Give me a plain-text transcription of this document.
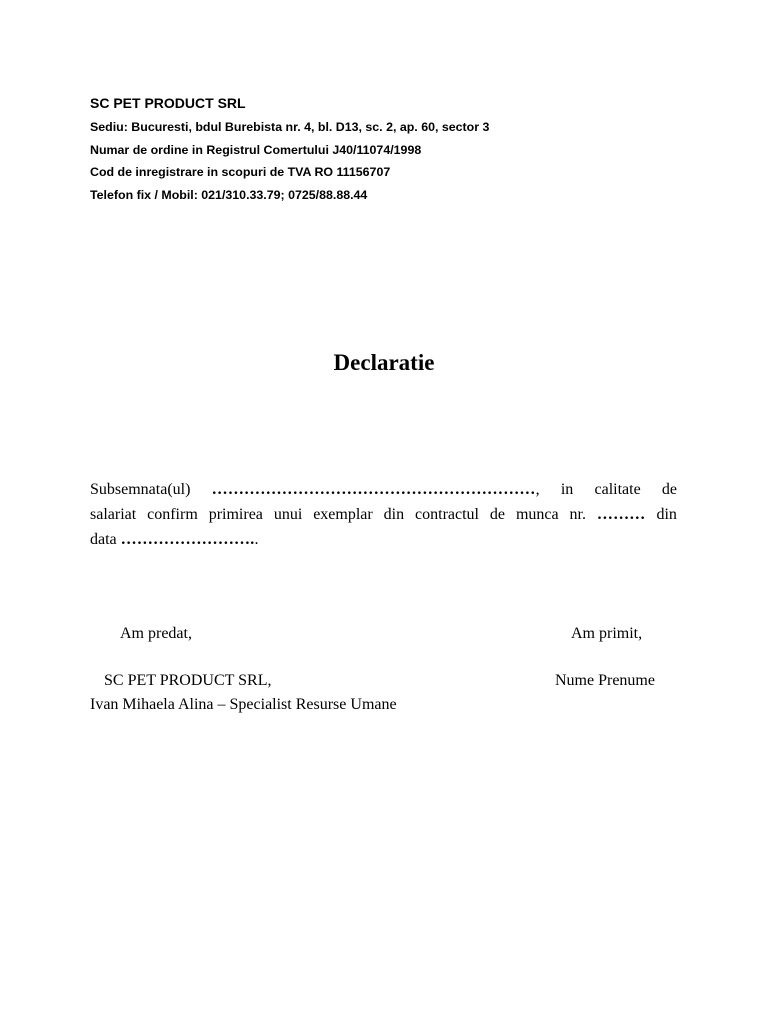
SC PET PRODUCT SRL
Sediu: Bucuresti, bdul Burebista nr. 4, bl. D13, sc. 2, ap. 60, sector 3
Numar de ordine in Registrul Comertului J40/11074/1998
Cod de inregistrare in scopuri de TVA RO 11156707
Telefon fix / Mobil: 021/310.33.79; 0725/88.88.44
Declaratie
Subsemnata(ul) ……………………………………………………, in calitate de
salariat confirm primirea unui exemplar din contractul de munca nr. ……… din
data ……………………..
Am predat,	Am primit,
SC PET PRODUCT SRL,	Nume Prenume
Ivan Mihaela Alina – Specialist Resurse Umane
